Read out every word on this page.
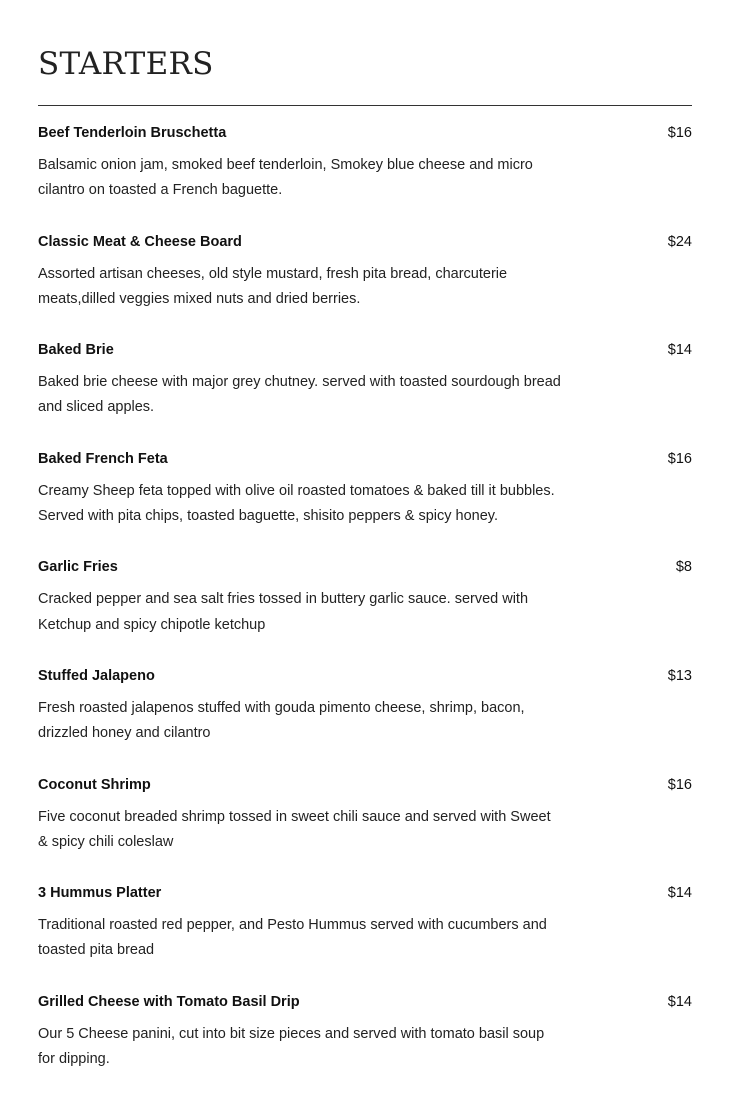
STARTERS
Beef Tenderloin Bruschetta	$16
Balsamic onion jam, smoked beef tenderloin, Smokey blue cheese and micro cilantro on toasted a French baguette.
Classic Meat & Cheese Board	$24
Assorted artisan cheeses, old style mustard, fresh pita bread, charcuterie meats,dilled veggies mixed nuts and dried berries.
Baked Brie	$14
Baked brie cheese with major grey chutney. served with toasted sourdough bread and sliced apples.
Baked French Feta	$16
Creamy Sheep feta topped with olive oil roasted tomatoes & baked till it bubbles. Served with pita chips, toasted baguette, shisito peppers & spicy honey.
Garlic Fries	$8
Cracked pepper and sea salt fries tossed in buttery garlic sauce. served with Ketchup and spicy chipotle ketchup
Stuffed Jalapeno	$13
Fresh roasted jalapenos stuffed with gouda pimento cheese, shrimp, bacon, drizzled honey and cilantro
Coconut Shrimp	$16
Five coconut breaded shrimp tossed in sweet chili sauce and served with Sweet & spicy chili coleslaw
3 Hummus Platter	$14
Traditional roasted red pepper, and Pesto Hummus served with cucumbers and toasted pita bread
Grilled Cheese with Tomato Basil Drip	$14
Our 5 Cheese panini, cut into bit size pieces and served with tomato basil soup for dipping.
